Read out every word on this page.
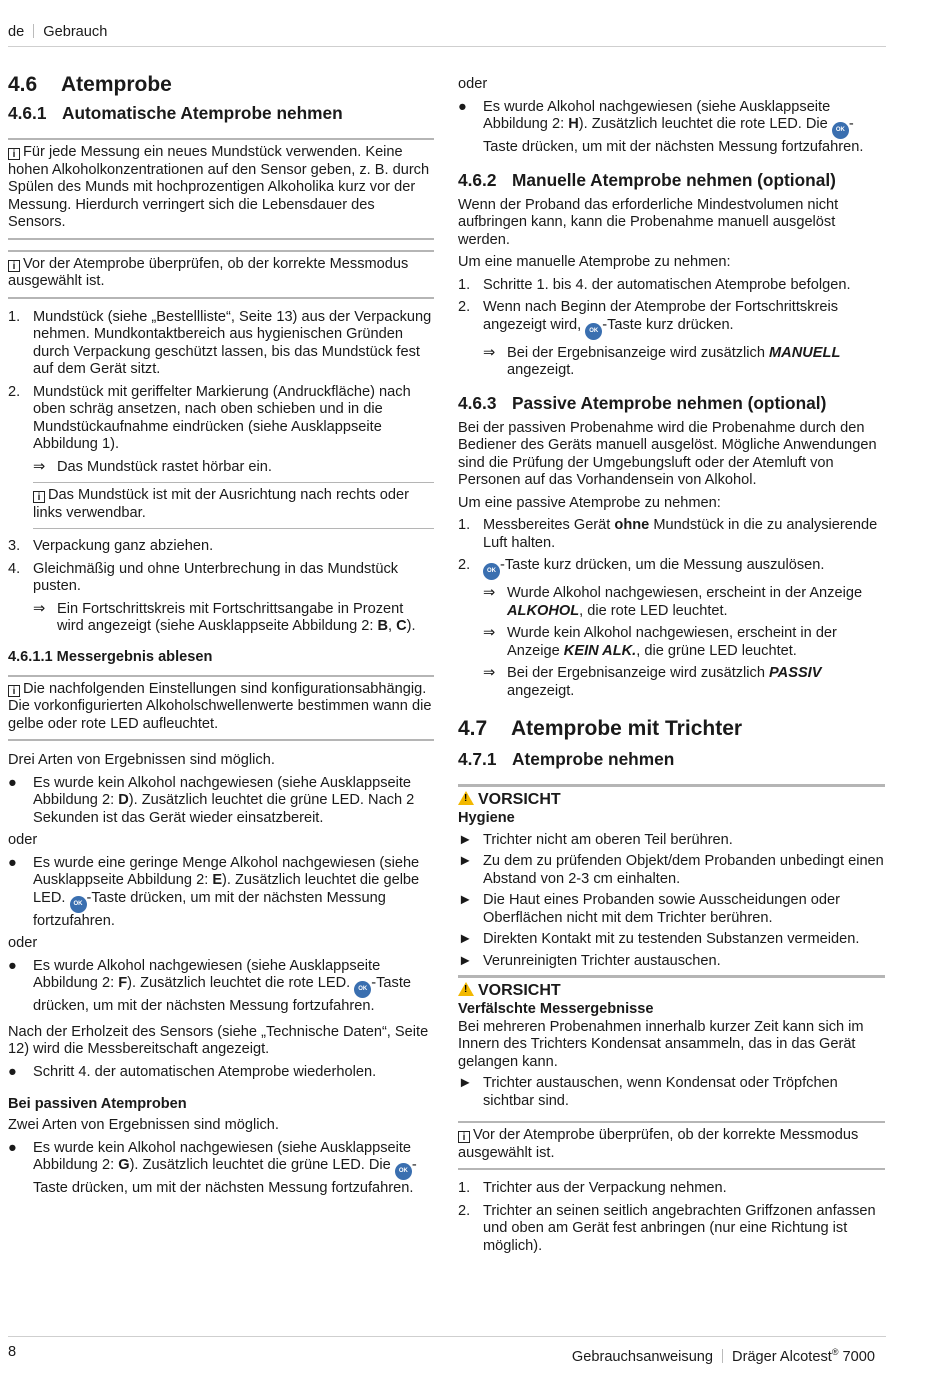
de Gebrauch
4.6 Atemprobe
4.6.1 Automatische Atemprobe nehmen
i Für jede Messung ein neues Mundstück verwenden. Keine hohen Alkoholkonzentrationen auf den Sensor geben, z. B. durch Spülen des Munds mit hochprozentigen Alkoholika kurz vor der Messung. Hierdurch verringert sich die Lebensdauer des Sensors.
i Vor der Atemprobe überprüfen, ob der korrekte Messmodus ausgewählt ist.
1. Mundstück (siehe „Bestellliste“, Seite 13) aus der Verpackung nehmen. Mundkontaktbereich aus hygienischen Gründen durch Verpackung geschützt lassen, bis das Mundstück fest auf dem Gerät sitzt.
2. Mundstück mit geriffelter Markierung (Andruckfläche) nach oben schräg ansetzen, nach oben schieben und in die Mundstückaufnahme eindrücken (siehe Ausklappseite Abbildung 1).
⇒ Das Mundstück rastet hörbar ein.
i Das Mundstück ist mit der Ausrichtung nach rechts oder links verwendbar.
3. Verpackung ganz abziehen.
4. Gleichmäßig und ohne Unterbrechung in das Mundstück pusten.
⇒ Ein Fortschrittskreis mit Fortschrittsangabe in Prozent wird angezeigt (siehe Ausklappseite Abbildung 2: B, C).
4.6.1.1 Messergebnis ablesen
i Die nachfolgenden Einstellungen sind konfigurationsabhängig.
Die vorkonfigurierten Alkoholschwellenwerte bestimmen wann die gelbe oder rote LED aufleuchtet.

Drei Arten von Ergebnissen sind möglich.

● Es wurde kein Alkohol nachgewiesen (siehe Ausklappseite Abbildung 2: D). Zusätzlich leuchtet die grüne LED. Nach 2 Sekunden ist das Gerät wieder einsatzbereit.

oder

● Es wurde eine geringe Menge Alkohol nachgewiesen (siehe Ausklappseite Abbildung 2: E). Zusätzlich leuchtet die gelbe LED. OK -Taste drücken, um mit der nächsten Messung fortzufahren.

oder

● Es wurde Alkohol nachgewiesen (siehe Ausklappseite Abbildung 2: F). Zusätzlich leuchtet die rote LED. OK -Taste drücken, um mit der nächsten Messung fortzufahren.

Nach der Erholzeit des Sensors (siehe „Technische Daten“, Seite 12) wird die Messbereitschaft angezeigt.

● Schritt 4. der automatischen Atemprobe wiederholen.
Bei passiven Atemproben

Zwei Arten von Ergebnissen sind möglich.

● Es wurde kein Alkohol nachgewiesen (siehe Ausklappseite Abbildung 2: G). Zusätzlich leuchtet die grüne LED. Die OK -Taste drücken, um mit der nächsten Messung fortzufahren.

oder

● Es wurde Alkohol nachgewiesen (siehe Ausklappseite Abbildung 2: H). Zusätzlich leuchtet die rote LED. Die OK -Taste drücken, um mit der nächsten Messung fortzufahren.
4.6.2 Manuelle Atemprobe nehmen (optional)

Wenn der Proband das erforderliche Mindestvolumen nicht aufbringen kann, kann die Probenahme manuell ausgelöst werden.

Um eine manuelle Atemprobe zu nehmen:

1. Schritte 1. bis 4. der automatischen Atemprobe befolgen.
2. Wenn nach Beginn der Atemprobe der Fortschrittskreis angezeigt wird, OK -Taste kurz drücken.
⇒ Bei der Ergebnisanzeige wird zusätzlich MANUELL angezeigt.
4.6.3 Passive Atemprobe nehmen (optional)

Bei der passiven Probenahme wird die Probenahme durch den Bediener des Geräts manuell ausgelöst. Mögliche Anwendungen sind die Prüfung der Umgebungsluft oder der Atemluft von Personen auf das Vorhandensein von Alkohol.

Um eine passive Atemprobe zu nehmen:

1. Messbereites Gerät ohne Mundstück in die zu analysierende Luft halten.
2.	OK -Taste kurz drücken, um die Messung auszulösen.
⇒ Wurde Alkohol nachgewiesen, erscheint in der Anzeige ALKOHOL, die rote LED leuchtet.
⇒ Wurde kein Alkohol nachgewiesen, erscheint in der Anzeige KEIN ALK., die grüne LED leuchtet.
⇒ Bei der Ergebnisanzeige wird zusätzlich PASSIV angezeigt.
4.7 Atemprobe mit Trichter
4.7.1 Atemprobe nehmen
!VORSICHT
Hygiene
► Trichter nicht am oberen Teil berühren.
► Zu dem zu prüfenden Objekt/dem Probanden unbedingt einen Abstand von 2-3 cm einhalten.
► Die Haut eines Probanden sowie Ausscheidungen oder Oberflächen nicht mit dem Trichter berühren.
► Direkten Kontakt mit zu testenden Substanzen vermeiden.
► Verunreinigten Trichter austauschen.
!VORSICHT
Verfälschte Messergebnisse

Bei mehreren Probenahmen innerhalb kurzer Zeit kann sich im Innern des Trichters Kondensat ansammeln, das in das Gerät gelangen kann.

► Trichter austauschen, wenn Kondensat oder Tröpfchen sichtbar sind.
i Vor der Atemprobe überprüfen, ob der korrekte Messmodus ausgewählt ist.
1. Trichter aus der Verpackung nehmen.
2. Trichter an seinen seitlich angebrachten Griffzonen anfassen und oben am Gerät fest anbringen (nur eine Richtung ist möglich).
8	Gebrauchsanweisung Dräger Alcotest® 7000
